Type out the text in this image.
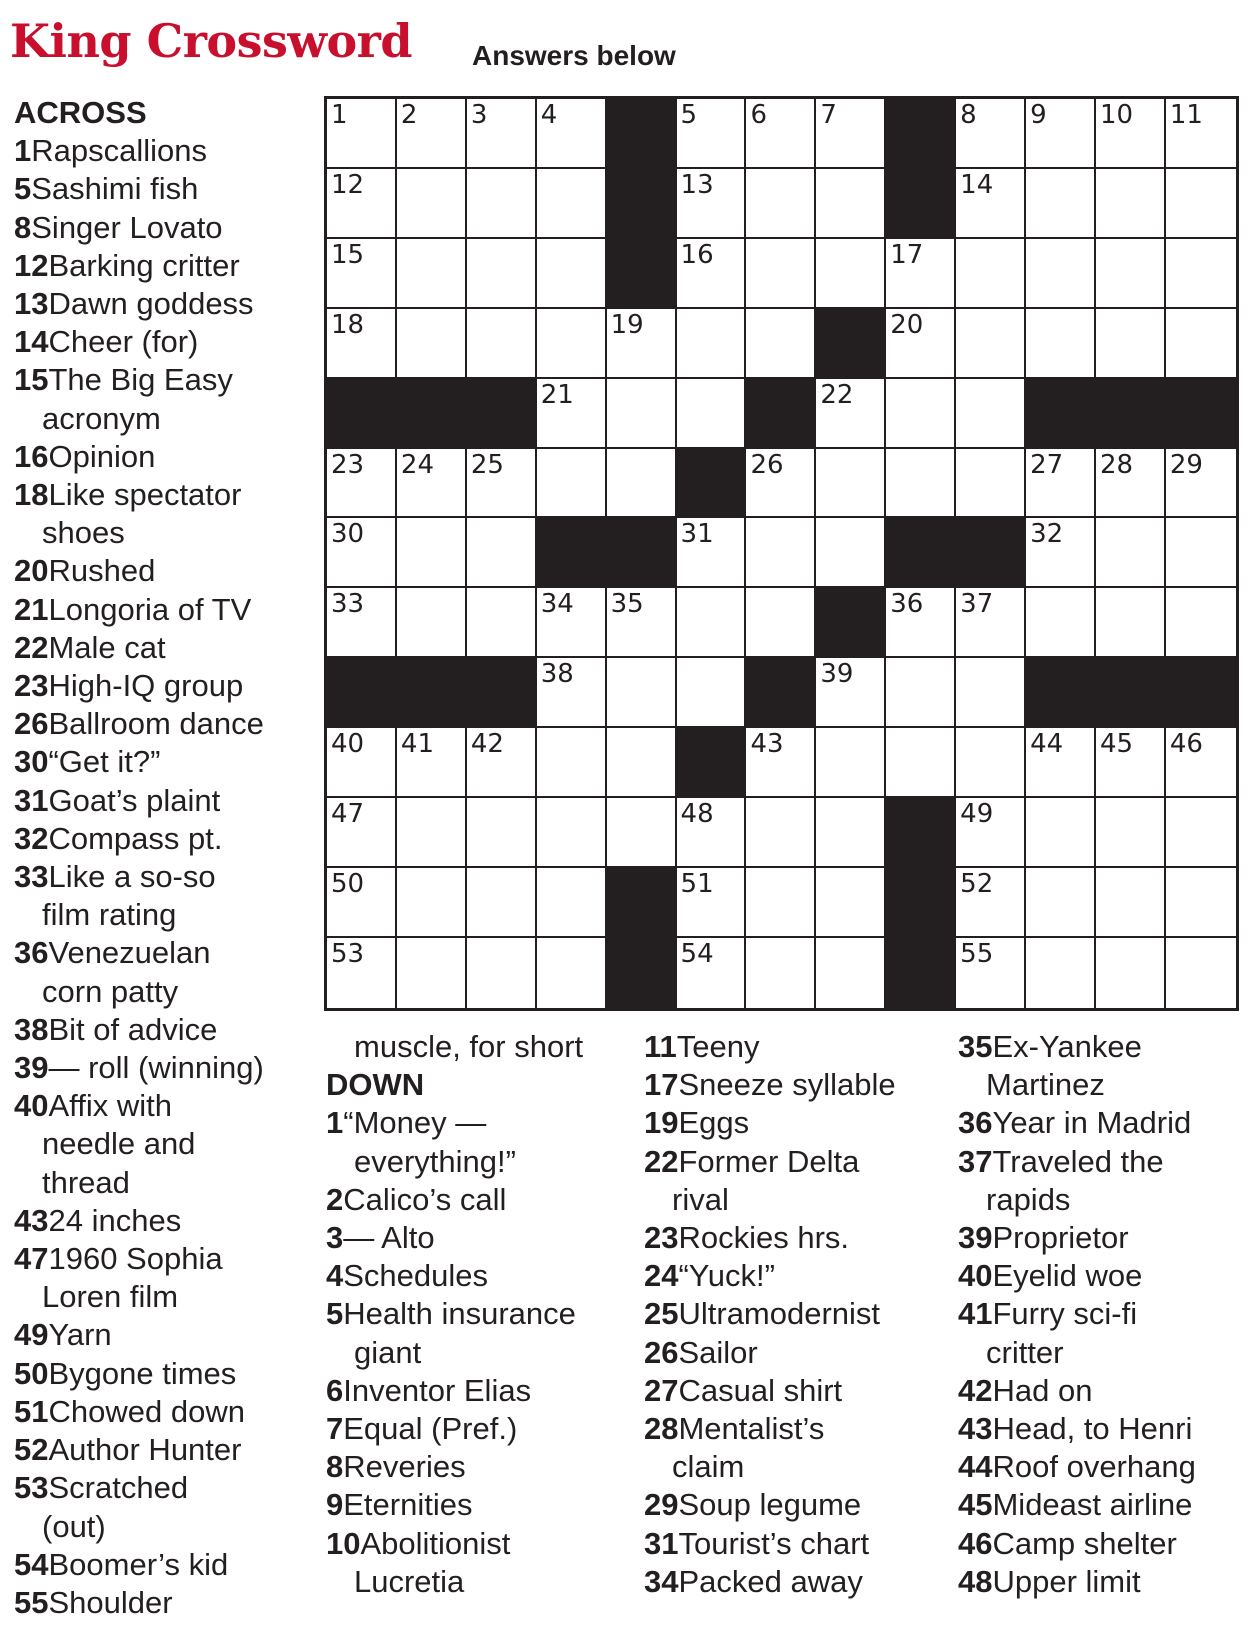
King Crossword Answers below
1 2 3 4	5 6 7	8 9 10 11
12	13	14
15	16	17
18	19	20
21	22
23 24 25	26	27 28 29
30	31	32
33	34 35	36 37
38	39
40 41 42	43	44 45 46
47	48	49
50	51	52
53	54	55
ACROSS
1Rapscallions
5Sashimi fish
8Singer Lovato
12Barking critter
13Dawn goddess
14Cheer (for)
15The Big Easy
acronym
16Opinion
18Like spectator
shoes
20Rushed
21Longoria of TV
22Male cat
23High-IQ group
26Ballroom dance
30“Get it?”
31Goat’s plaint
32Compass pt.
33Like a so-so
film rating
36Venezuelan
corn patty
38Bit of advice
39— roll (winning)
40Affix with
needle and
thread
4324 inches
471960 Sophia
Loren film
49Yarn
50Bygone times
51Chowed down
52Author Hunter
53Scratched
(out)
54Boomer’s kid
55Shoulder
muscle, for short
DOWN
1“Money —
everything!”
2Calico’s call
3— Alto
4Schedules
5Health insurance
giant
6Inventor Elias
7Equal (Pref.)
8Reveries
9Eternities
10Abolitionist
Lucretia
11Teeny
17Sneeze syllable
19Eggs
22Former Delta
rival
23Rockies hrs.
24“Yuck!”
25Ultramodernist
26Sailor
27Casual shirt
28Mentalist’s
claim
29Soup legume
31Tourist’s chart
34Packed away
35Ex-Yankee
Martinez
36Year in Madrid
37Traveled the
rapids
39Proprietor
40Eyelid woe
41Furry sci-fi
critter
42Had on
43Head, to Henri
44Roof overhang
45Mideast airline
46Camp shelter
48Upper limit
